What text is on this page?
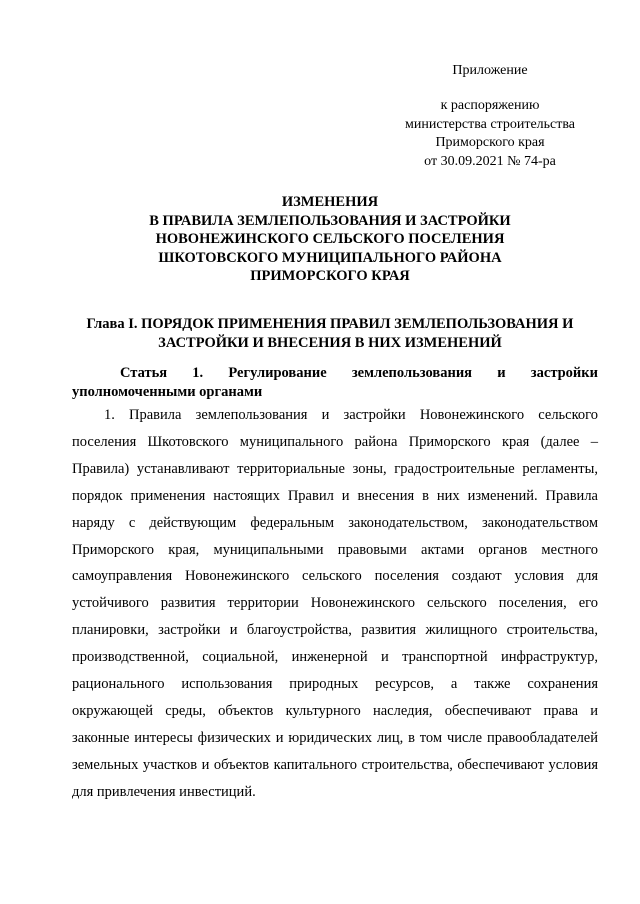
Приложение
к распоряжению
министерства строительства
Приморского края
от 30.09.2021 № 74-ра
ИЗМЕНЕНИЯ
В ПРАВИЛА ЗЕМЛЕПОЛЬЗОВАНИЯ И ЗАСТРОЙКИ
НОВОНЕЖИНСКОГО СЕЛЬСКОГО ПОСЕЛЕНИЯ
ШКОТОВСКОГО МУНИЦИПАЛЬНОГО РАЙОНА
ПРИМОРСКОГО КРАЯ
Глава I. ПОРЯДОК ПРИМЕНЕНИЯ ПРАВИЛ ЗЕМЛЕПОЛЬЗОВАНИЯ И
ЗАСТРОЙКИ И ВНЕСЕНИЯ В НИХ ИЗМЕНЕНИЙ
Статья 1. Регулирование землепользования и застройки уполномоченными органами
1. Правила землепользования и застройки Новонежинского сельского поселения Шкотовского муниципального района Приморского края (далее – Правила) устанавливают территориальные зоны, градостроительные регламенты, порядок применения настоящих Правил и внесения в них изменений. Правила наряду с действующим федеральным законодательством, законодательством Приморского края, муниципальными правовыми актами органов местного самоуправления Новонежинского сельского поселения создают условия для устойчивого развития территории Новонежинского сельского поселения, его планировки, застройки и благоустройства, развития жилищного строительства, производственной, социальной, инженерной и транспортной инфраструктур, рационального использования природных ресурсов, а также сохранения окружающей среды, объектов культурного наследия, обеспечивают права и законные интересы физических и юридических лиц, в том числе правообладателей земельных участков и объектов капитального строительства, обеспечивают условия для привлечения инвестиций.
